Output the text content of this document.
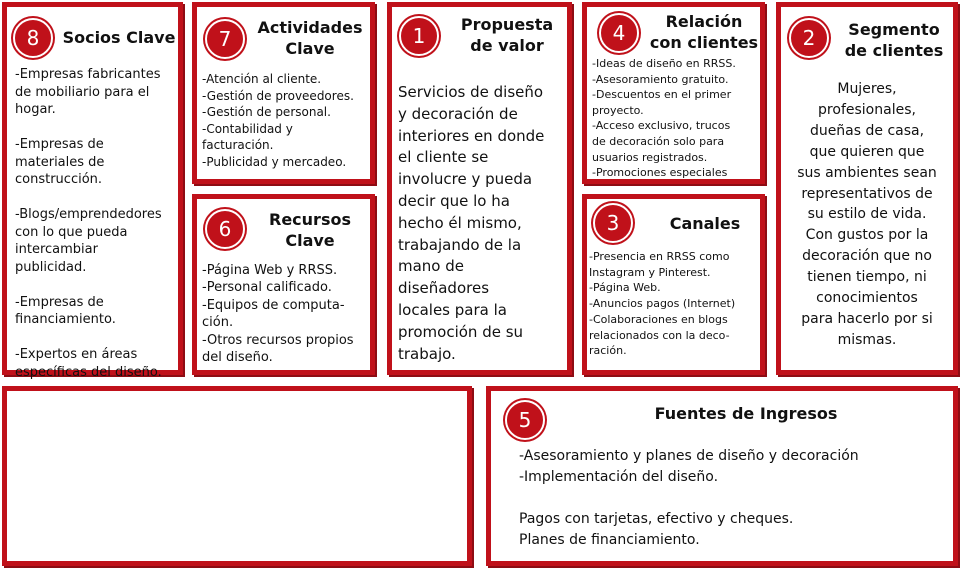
8	Socios Clave
-Empresas fabricantes
de mobiliario para el
hogar.

-Empresas de
materiales de
construcción.

-Blogs/emprendedores
con lo que pueda
intercambiar
publicidad.

-Empresas de
financiamiento.

-Expertos en áreas
específicas del diseño.
7	Actividades
Clave
-Atención al cliente.
-Gestión de proveedores.
-Gestión de personal.
-Contabilidad y
facturación.
-Publicidad y mercadeo.
6	Recursos
Clave
-Página Web y RRSS.
-Personal calificado.
-Equipos de computa-
ción.
-Otros recursos propios
del diseño.
1	Propuesta
de valor
Servicios de diseño
y decoración de
interiores en donde
el cliente se
involucre y pueda
decir que lo ha
hecho él mismo,
trabajando de la
mano de
diseñadores
locales para la
promoción de su
trabajo.
4	Relación
con clientes
-Ideas de diseño en RRSS.
-Asesoramiento gratuito.
-Descuentos en el primer
proyecto.
-Acceso exclusivo, trucos
de decoración solo para
usuarios registrados.
-Promociones especiales
3	Canales
-Presencia en RRSS como
Instagram y Pinterest.
-Página Web.
-Anuncios pagos (Internet)
-Colaboraciones en blogs
relacionados con la deco-
ración.
2	Segmento
de clientes
Mujeres,
profesionales,
dueñas de casa,
que quieren que
sus ambientes sean
representativos de
su estilo de vida.
Con gustos por la
decoración que no
tienen tiempo, ni
conocimientos
para hacerlo por si
mismas.
5	Fuentes de Ingresos
-Asesoramiento y planes de diseño y decoración
-Implementación del diseño.

Pagos con tarjetas, efectivo y cheques.
Planes de financiamiento.
